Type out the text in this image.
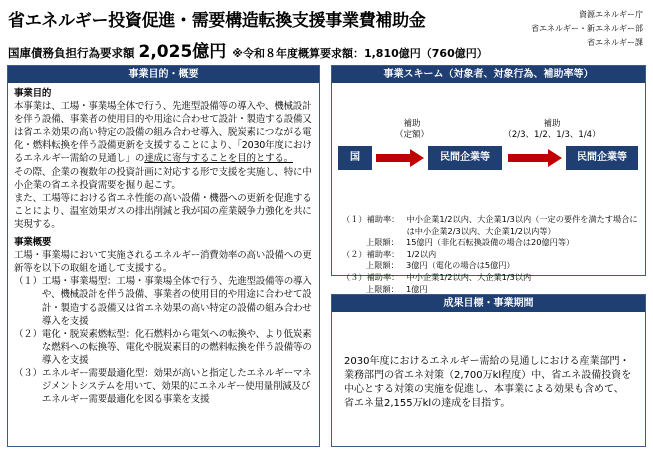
省エネルギー投資促進・需要構造転換支援事業費補助金	資源エネルギー庁
省エネルギー・新エネルギー部
省エネルギー課
国庫債務負担行為要求額 2,025億円 ※令和８年度概算要求額：1,810億円（760億円）
事業目的・概要
事業目的
本事業は、工場・事業場全体で行う、先進型設備等の導入や、機械設計を伴う設備、事業者の使用目的や用途に合わせて設計・製造する設備又は省エネ効果の高い特定の設備の組み合わせ導入、脱炭素につながる電化・燃料転換を伴う設備更新を支援することにより、「2030年度におけるエネルギー需給の見通し」の達成に寄与することを目的とする。
その際、企業の複数年の投資計画に対応する形で支援を実施し、特に中小企業の省エネ投資需要を掘り起こす。
また、工場等における省エネ性能の高い設備・機器への更新を促進することにより、温室効果ガスの排出削減と我が国の産業競争力強化を共に実現する。
事業概要
工場・事業場において実施されるエネルギー消費効率の高い設備への更新等を以下の取組を通して支援する。
（１） 工場・事業場型：工場・事業場全体で行う、先進型設備等の導入や、機械設計を伴う設備、事業者の使用目的や用途に合わせて設計・製造する設備又は省エネ効果の高い特定の設備の組み合わせ導入を支援
（２） 電化・脱炭素燃転型：化石燃料から電気への転換や、より低炭素な燃料への転換等、電化や脱炭素目的の燃料転換を伴う設備等の導入を支援
（３） エネルギー需要最適化型：効果が高いと指定したエネルギーマネジメントシステムを用いて、効果的にエネルギー使用量削減及びエネルギー需要最適化を図る事業を支援
事業スキーム（対象者、対象行為、補助率等）
補助
（定額）
補助
（2/3、1/2、1/3、1/4）
国	民間企業等	民間企業等
（１） 補助率： 中小企業1/2以内、大企業1/3以内（一定の要件を満たす場合には中小企業2/3以内、大企業1/2以内等）
上限額： 15億円（非化石転換設備の場合は20億円等）
（２） 補助率： 1/2以内
上限額： 3億円（電化の場合は5億円）
（３） 補助率： 中小企業1/2以内、大企業1/3以内
上限額： 1億円
成果目標・事業期間
2030年度におけるエネルギー需給の見通しにおける産業部門・業務部門の省エネ対策（2,700万kl程度）中、省エネ設備投資を中心とする対策の実施を促進し、本事業による効果も含めて、省エネ量2,155万klの達成を目指す。
